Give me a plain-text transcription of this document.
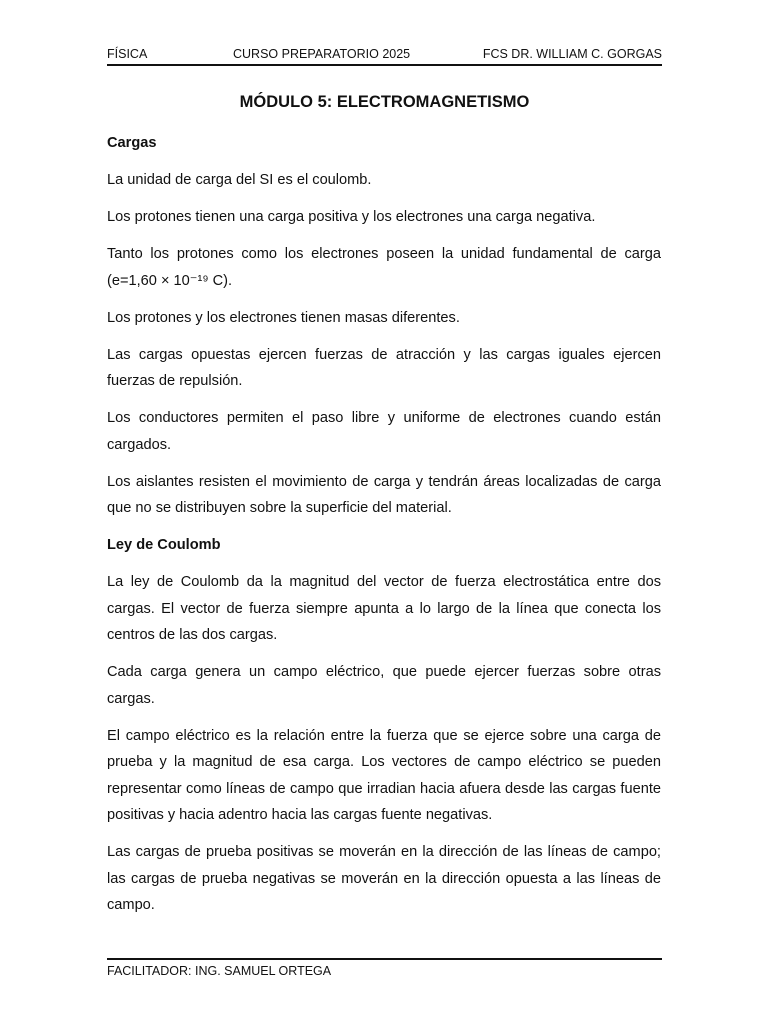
FÍSICA	CURSO PREPARATORIO 2025	FCS DR. WILLIAM C. GORGAS
MÓDULO 5: ELECTROMAGNETISMO
Cargas

La unidad de carga del SI es el coulomb.

Los protones tienen una carga positiva y los electrones una carga negativa.

Tanto los protones como los electrones poseen la unidad fundamental de carga (e=1,60 × 10⁻¹⁹ C).

Los protones y los electrones tienen masas diferentes.

Las cargas opuestas ejercen fuerzas de atracción y las cargas iguales ejercen fuerzas de repulsión.

Los conductores permiten el paso libre y uniforme de electrones cuando están cargados.

Los aislantes resisten el movimiento de carga y tendrán áreas localizadas de carga que no se distribuyen sobre la superficie del material.

Ley de Coulomb

La ley de Coulomb da la magnitud del vector de fuerza electrostática entre dos cargas. El vector de fuerza siempre apunta a lo largo de la línea que conecta los centros de las dos cargas.

Cada carga genera un campo eléctrico, que puede ejercer fuerzas sobre otras cargas.

El campo eléctrico es la relación entre la fuerza que se ejerce sobre una carga de prueba y la magnitud de esa carga. Los vectores de campo eléctrico se pueden representar como líneas de campo que irradian hacia afuera desde las cargas fuente positivas y hacia adentro hacia las cargas fuente negativas.

Las cargas de prueba positivas se moverán en la dirección de las líneas de campo; las cargas de prueba negativas se moverán en la dirección opuesta a las líneas de campo.

FACILITADOR: ING. SAMUEL ORTEGA
